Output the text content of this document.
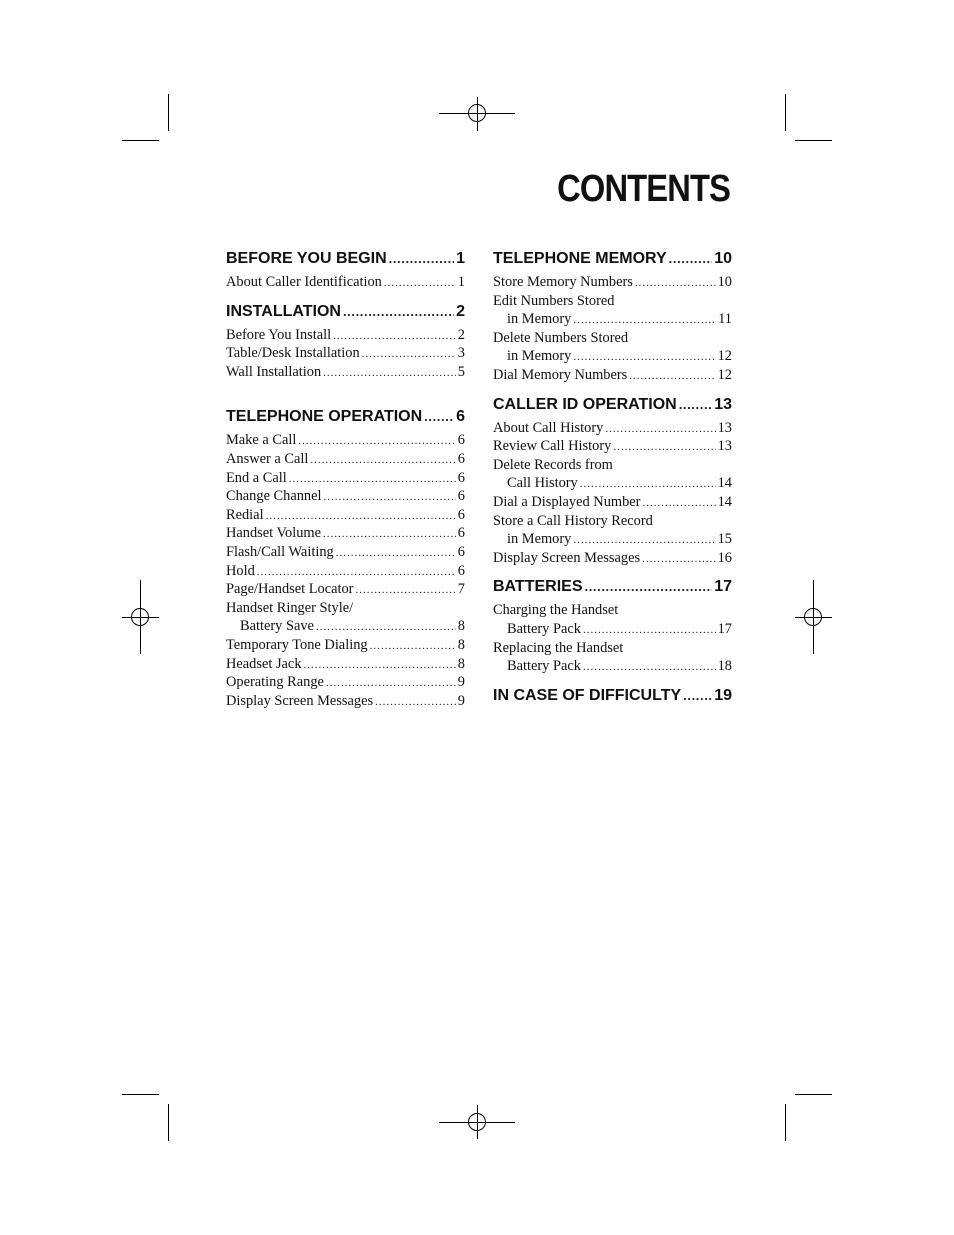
CONTENTS
BEFORE YOU BEGIN .....	1
About Caller Identification .....	1
INSTALLATION .....	2
Before You Install .....	2
Table/Desk Installation .....	3
Wall Installation .....	5
TELEPHONE OPERATION ..... 6
Make a Call .....	6
Answer a Call .....	6
End a Call .....	6
Change Channel .....	6
Redial .....	6
Handset Volume .....	6
Flash/Call Waiting .....	6
Hold .....	6
Page/Handset Locator .....	7
Handset Ringer Style/
Battery Save .....	8
Temporary Tone Dialing .....	8
Headset Jack .....	8
Operating Range .....	9
Display Screen Messages .....	9
TELEPHONE MEMORY .....	10
Store Memory Numbers .....	10
Edit Numbers Stored
in Memory .....	11
Delete Numbers Stored
in Memory .....	12
Dial Memory Numbers .....	12
CALLER ID OPERATION ..... 13
About Call History .....	13
Review Call History .....	13
Delete Records from
Call History .....	14
Dial a Displayed Number .....	14
Store a Call History Record
in Memory .....	15
Display Screen Messages .....	16
BATTERIES .....	17
Charging the Handset
Battery Pack .....	17
Replacing the Handset
Battery Pack .....	18
IN CASE OF DIFFICULTY ..... 19
